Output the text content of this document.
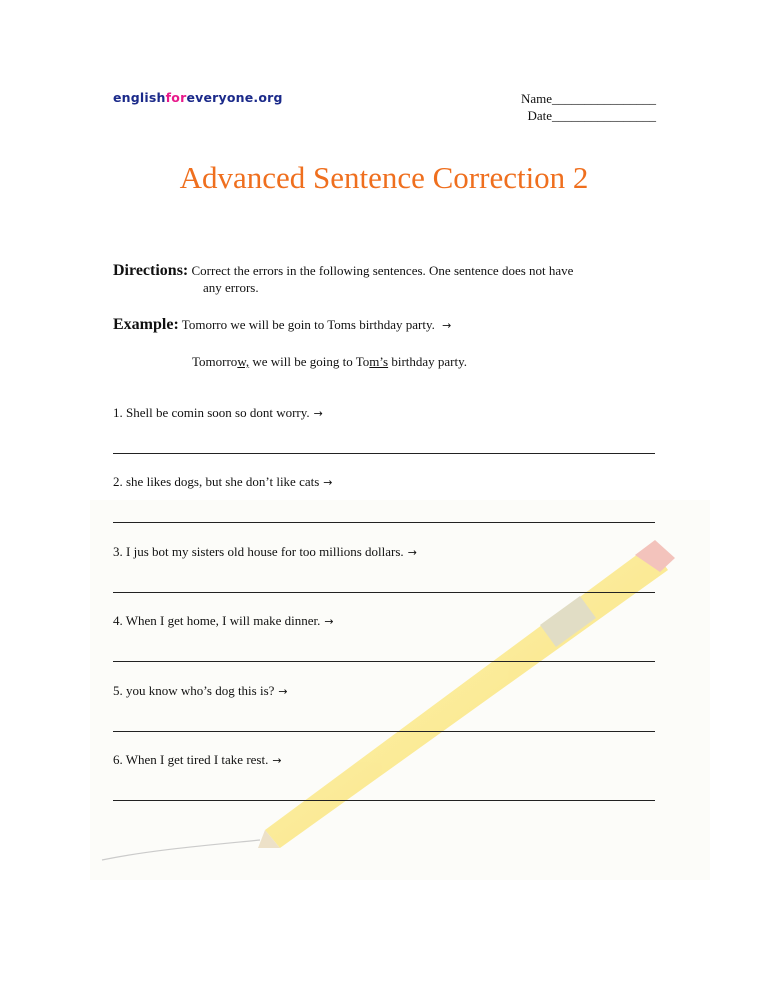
englishforeveryone.org	Name________________
Date________________
Advanced Sentence Correction 2
Directions: Correct the errors in the following sentences. One sentence does not have
any errors.
Example: Tomorro we will be goin to Toms birthday party. →
Tomorrow, we will be going to Tom’s birthday party.
1. Shell be comin soon so dont worry. →
2. she likes dogs, but she don’t like cats →
3. I jus bot my sisters old house for too millions dollars. →
4. When I get home, I will make dinner. →
5. you know who’s dog this is? →
6. When I get tired I take rest. →
